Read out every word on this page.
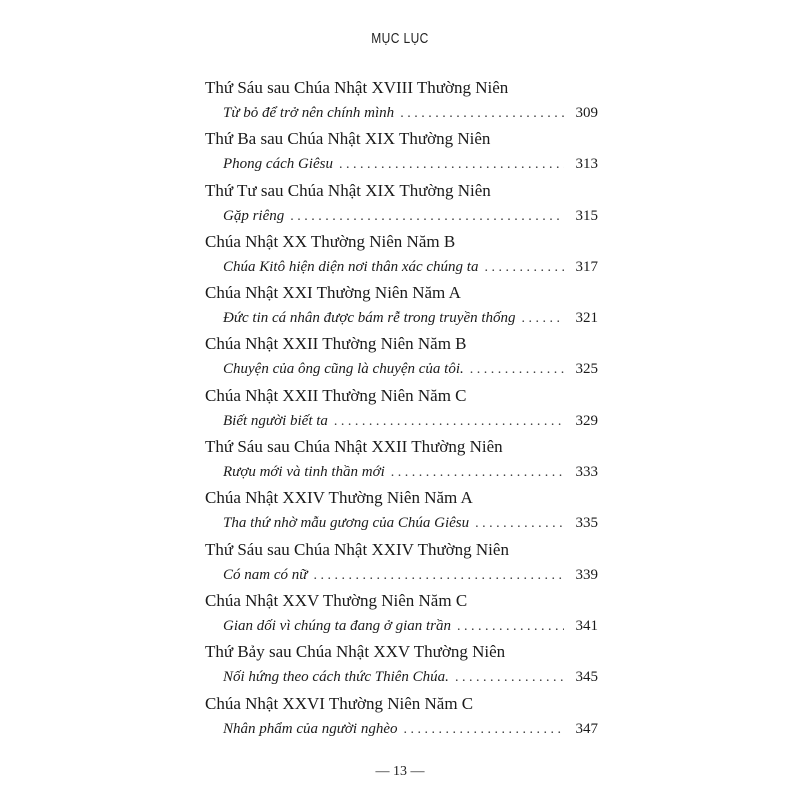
MỤC LỤC
Thứ Sáu sau Chúa Nhật XVIII Thường Niên
Từ bỏ để trở nên chính mình . . .	309
Thứ Ba sau Chúa Nhật XIX Thường Niên
Phong cách Giêsu . . .	313
Thứ Tư sau Chúa Nhật XIX Thường Niên
Gặp riêng . . .	315
Chúa Nhật XX Thường Niên Năm B
Chúa Kitô hiện diện nơi thân xác chúng ta . . .	317
Chúa Nhật XXI Thường Niên Năm A
Đức tin cá nhân được bám rễ trong truyền thống . . .	321
Chúa Nhật XXII Thường Niên Năm B
Chuyện của ông cũng là chuyện của tôi. . . .	325
Chúa Nhật XXII Thường Niên Năm C
Biết người biết ta . . .	329
Thứ Sáu sau Chúa Nhật XXII Thường Niên
Rượu mới và tinh thần mới . . .	333
Chúa Nhật XXIV Thường Niên Năm A
Tha thứ nhờ mẫu gương của Chúa Giêsu . . .	335
Thứ Sáu sau Chúa Nhật XXIV Thường Niên
Có nam có nữ . . .	339
Chúa Nhật XXV Thường Niên Năm C
Gian dối vì chúng ta đang ở gian trần . . .	341
Thứ Bảy sau Chúa Nhật XXV Thường Niên
Nối hứng theo cách thức Thiên Chúa. . . .	345
Chúa Nhật XXVI Thường Niên Năm C
Nhân phẩm của người nghèo . . .	347
— 13 —
